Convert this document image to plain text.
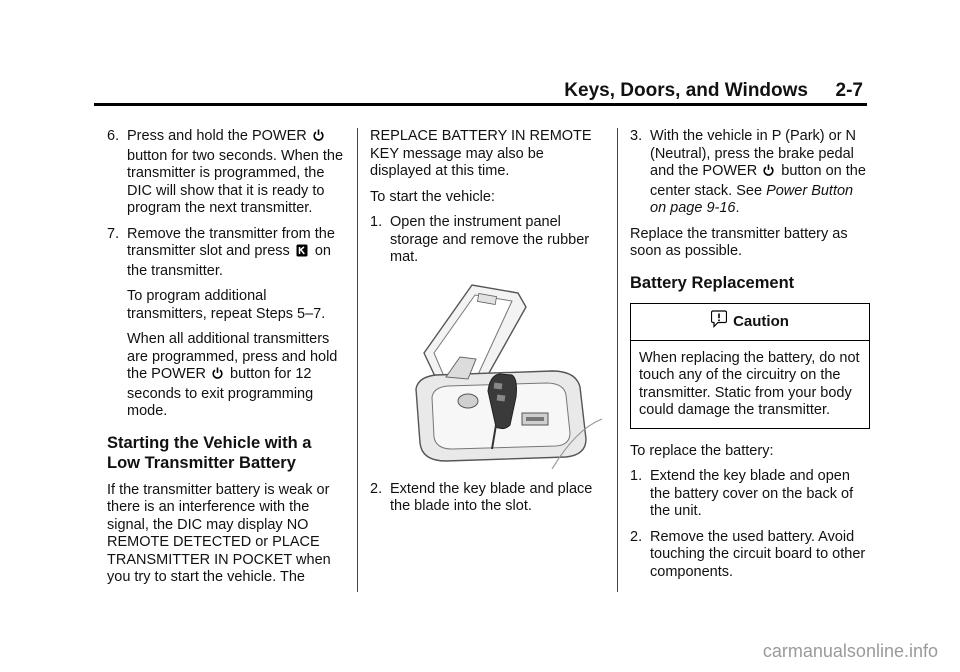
Keys, Doors, and Windows 2-7
6. Press and hold the POWER  button for two seconds. When the transmitter is programmed, the DIC will show that it is ready to program the next transmitter.
7. Remove the transmitter from the transmitter slot and press on the transmitter.

To program additional transmitters, repeat Steps 5–7.

When all additional transmitters are programmed, press and hold the POWER button for 12 seconds to exit programming mode.

Starting the Vehicle with a Low Transmitter Battery

If the transmitter battery is weak or there is an interference with the signal, the DIC may display NO REMOTE DETECTED or PLACE TRANSMITTER IN POCKET when you try to start the vehicle. The

REPLACE BATTERY IN REMOTE KEY message may also be displayed at this time.

To start the vehicle:

1. Open the instrument panel storage and remove the rubber mat.
2. Extend the key blade and place the blade into the slot.
3. With the vehicle in P (Park) or N (Neutral), press the brake pedal and the POWER button on the center stack. See Power Button on page 9-16.

Replace the transmitter battery as soon as possible.

Battery Replacement
Caution
When replacing the battery, do not touch any of the circuitry on the transmitter. Static from your body could damage the transmitter.

To replace the battery:

1. Extend the key blade and open the battery cover on the back of the unit.
2. Remove the used battery. Avoid touching the circuit board to other components.
carmanualsonline.info
